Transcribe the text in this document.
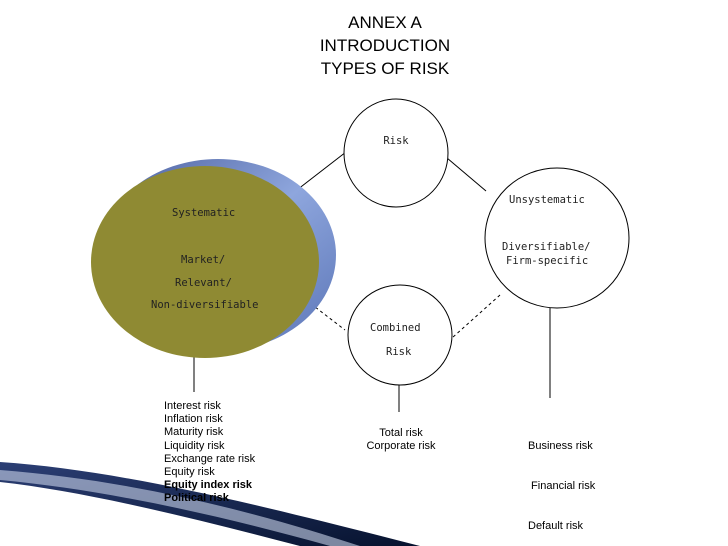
ANNEX A
INTRODUCTION
TYPES OF RISK
Risk
Systematic
Market/
Relevant/
Non-diversifiable
Unsystematic
Diversifiable/
Firm-specific
Combined
Risk
Interest risk
Inflation risk
Maturity risk
Liquidity risk
Exchange rate risk
Equity risk
Equity index risk
Political risk
Total risk
Corporate risk

	Business risk

Financial risk

Default risk
